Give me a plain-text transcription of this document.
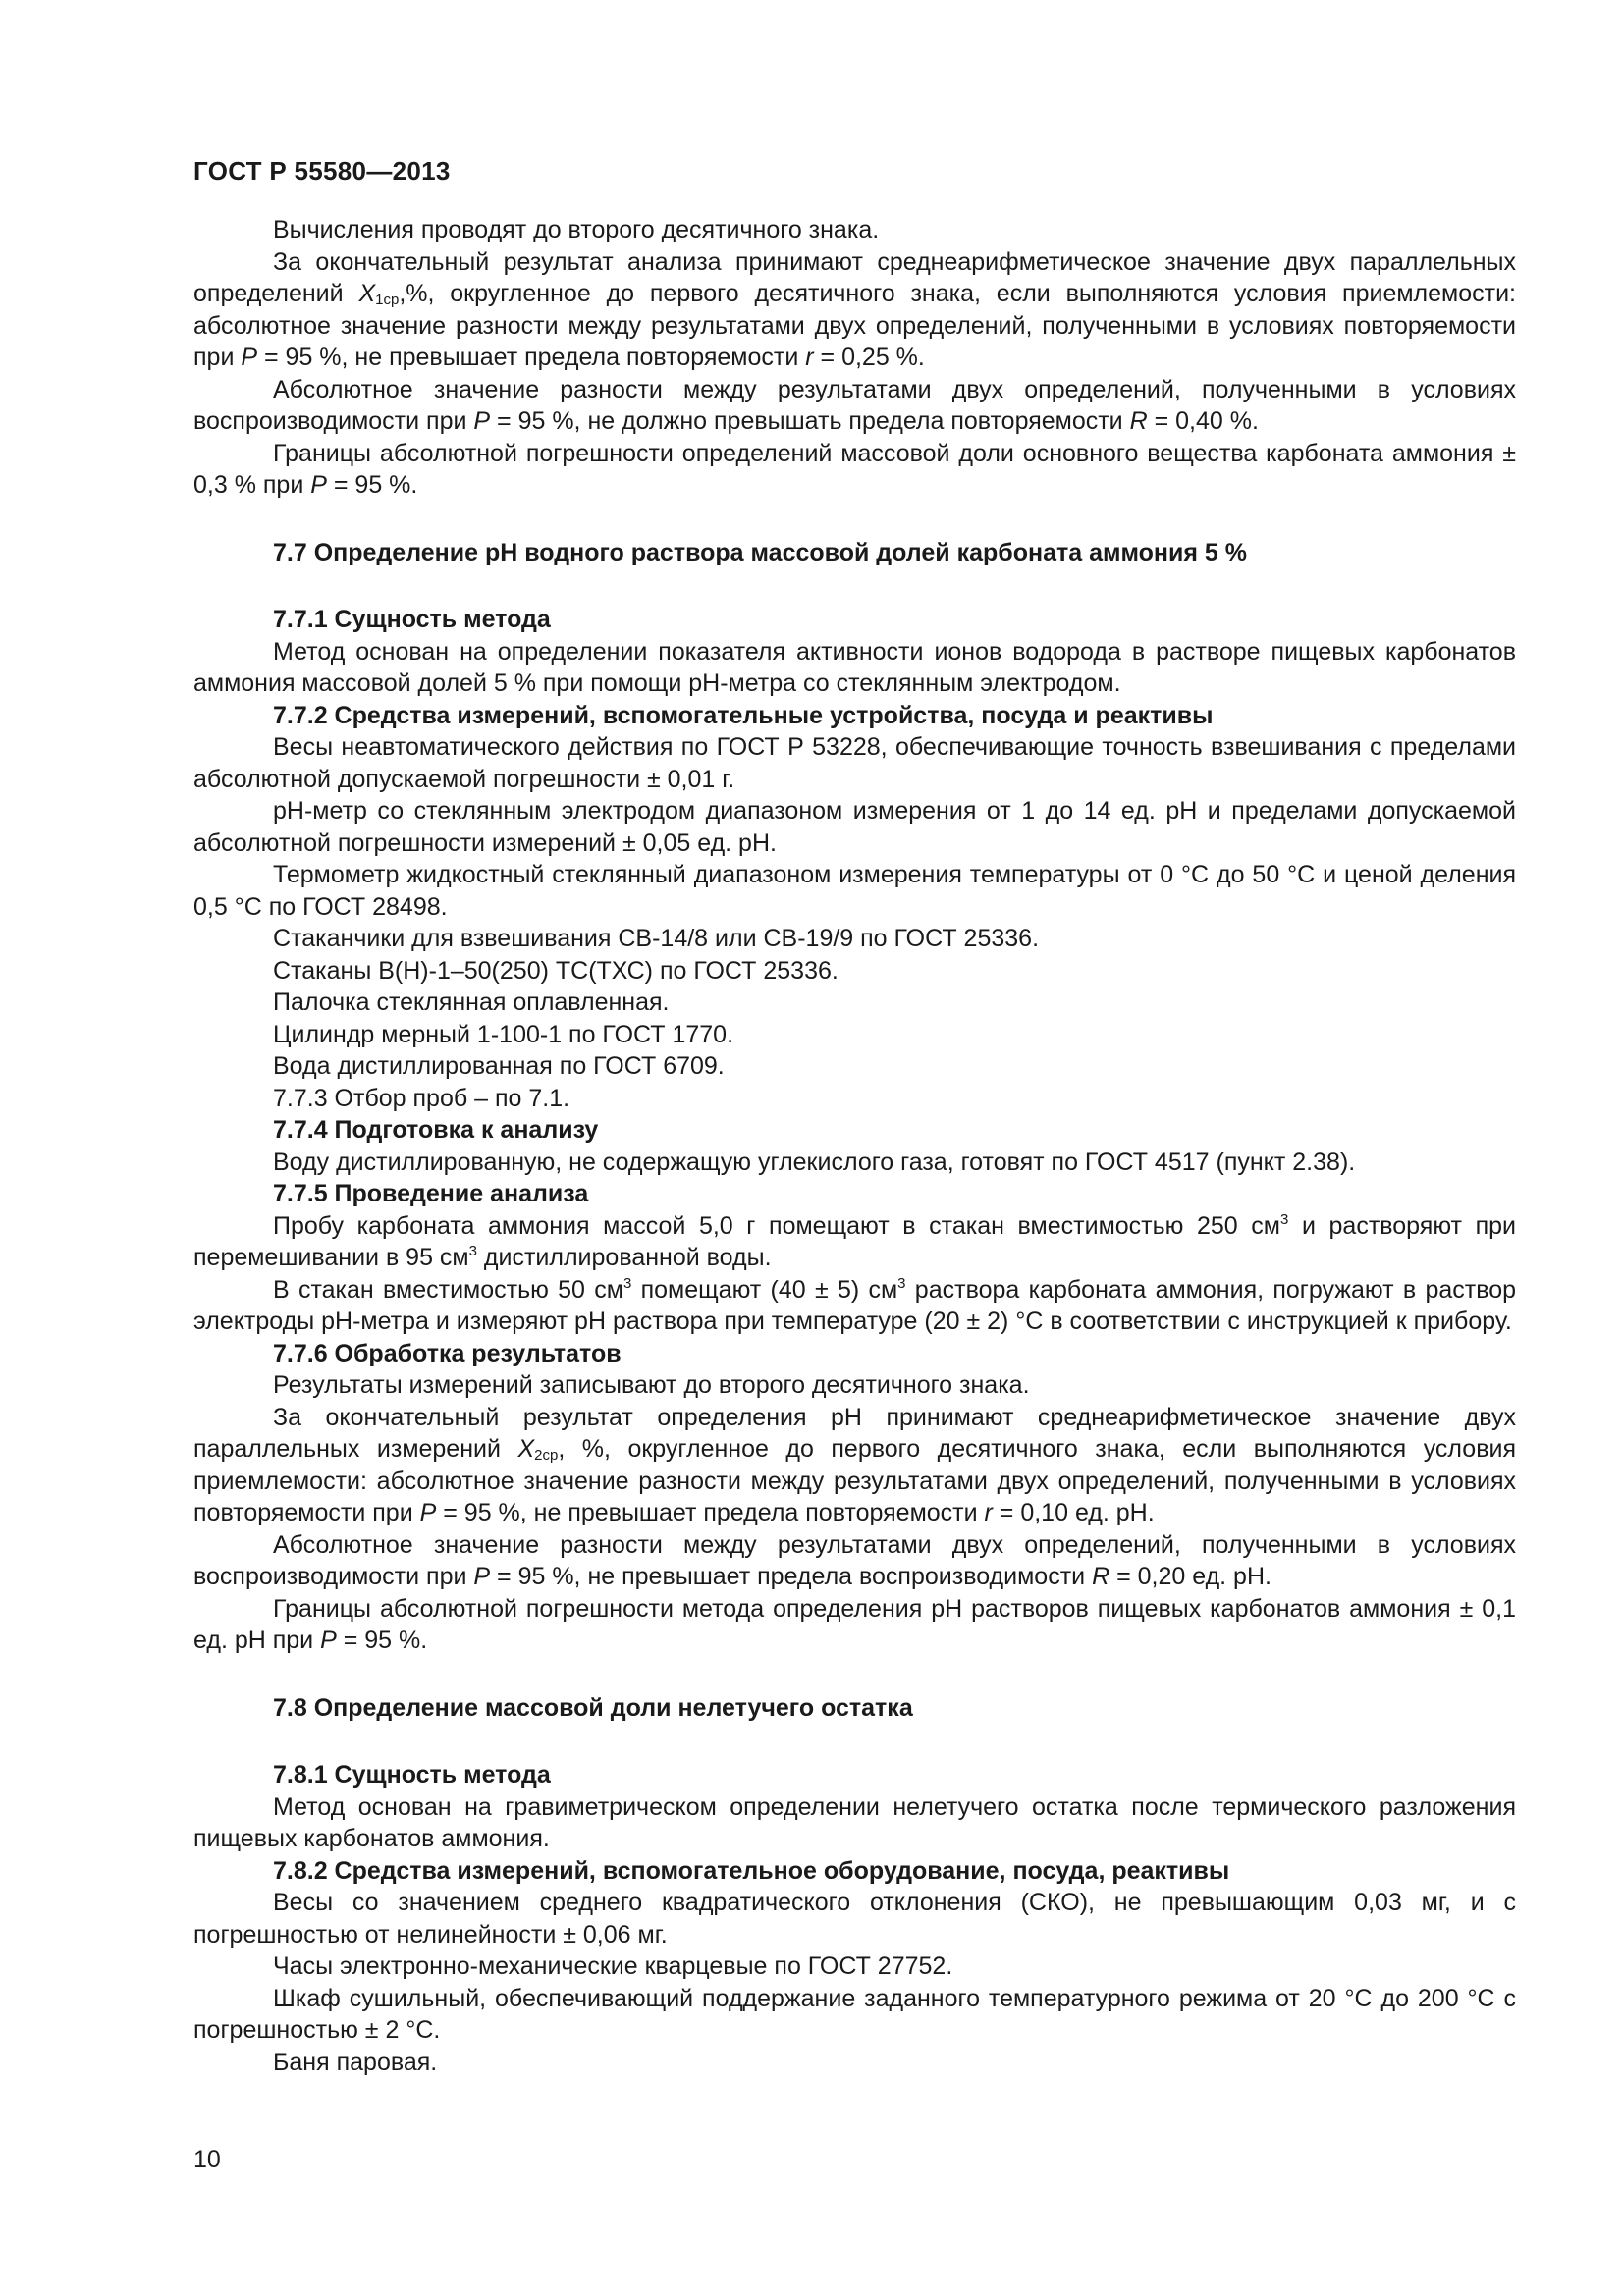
ГОСТ Р 55580—2013

Вычисления проводят до второго десятичного знака.

За окончательный результат анализа принимают среднеарифметическое значение двух параллельных определений $X_{1ср},\%$, округленное до первого десятичного знака, если выполняются условия приемлемости: абсолютное значение разности между результатами двух определений, полученными в условиях повторяемости при P = 95 %, не превышает предела повторяемости r = 0,25 %.

Абсолютное значение разности между результатами двух определений, полученными в условиях воспроизводимости при P = 95 %, не должно превышать предела повторяемости R = 0,40 %.

Границы абсолютной погрешности определений массовой доли основного вещества карбоната аммония ± 0,3 % при P = 95 %.

7.7 Определение рН водного раствора массовой долей карбоната аммония 5 %

7.7.1 Сущность метода

Метод основан на определении показателя активности ионов водорода в растворе пищевых карбонатов аммония массовой долей 5 % при помощи рН-метра со стеклянным электродом.

7.7.2 Средства измерений, вспомогательные устройства, посуда и реактивы

Весы неавтоматического действия по ГОСТ Р 53228, обеспечивающие точность взвешивания с пределами абсолютной допускаемой погрешности ± 0,01 г.

рН-метр со стеклянным электродом диапазоном измерения от 1 до 14 ед. рН и пределами допускаемой абсолютной погрешности измерений ± 0,05 ед. рН.

Термометр жидкостный стеклянный диапазоном измерения температуры от 0 °С до 50 °С и ценой деления 0,5 °С по ГОСТ 28498.

Стаканчики для взвешивания СВ-14/8 или СВ-19/9 по ГОСТ 25336.

Стаканы В(Н)-1–50(250) ТС(ТХС) по ГОСТ 25336.

Палочка стеклянная оплавленная.

Цилиндр мерный 1-100-1 по ГОСТ 1770.

Вода дистиллированная по ГОСТ 6709.

7.7.3 Отбор проб – по 7.1.

7.7.4 Подготовка к анализу

Воду дистиллированную, не содержащую углекислого газа, готовят по ГОСТ 4517 (пункт 2.38).

7.7.5 Проведение анализа

Пробу карбоната аммония массой 5,0 г помещают в стакан вместимостью 250 $см^3$ и растворяют при перемешивании в 95 $см^3$ дистиллированной воды.

В стакан вместимостью 50 $см^3$ помещают (40 ± 5) $см^3$ раствора карбоната аммония, погружают в раствор электроды рН-метра и измеряют рН раствора при температуре (20 ± 2) °С в соответствии с инструкцией к прибору.

7.7.6 Обработка результатов

Результаты измерений записывают до второго десятичного знака.

За окончательный результат определения рН принимают среднеарифметическое значение двух параллельных измерений $X_{2ср}$, %, округленное до первого десятичного знака, если выполняются условия приемлемости: абсолютное значение разности между результатами двух определений, полученными в условиях повторяемости при P = 95 %, не превышает предела повторяемости r = 0,10 ед. рН.

Абсолютное значение разности между результатами двух определений, полученными в условиях воспроизводимости при P = 95 %, не превышает предела воспроизводимости R = 0,20 ед. рН.

Границы абсолютной погрешности метода определения рН растворов пищевых карбонатов аммония ± 0,1 ед. рН при P = 95 %.

7.8 Определение массовой доли нелетучего остатка

7.8.1 Сущность метода

Метод основан на гравиметрическом определении нелетучего остатка после термического разложения пищевых карбонатов аммония.

7.8.2 Средства измерений, вспомогательное оборудование, посуда, реактивы

Весы со значением среднего квадратического отклонения (СКО), не превышающим 0,03 мг, и с погрешностью от нелинейности ± 0,06 мг.

Часы электронно-механические кварцевые по ГОСТ 27752.

Шкаф сушильный, обеспечивающий поддержание заданного температурного режима от 20 °С до 200 °С с погрешностью ± 2 °С.

Баня паровая.

10
